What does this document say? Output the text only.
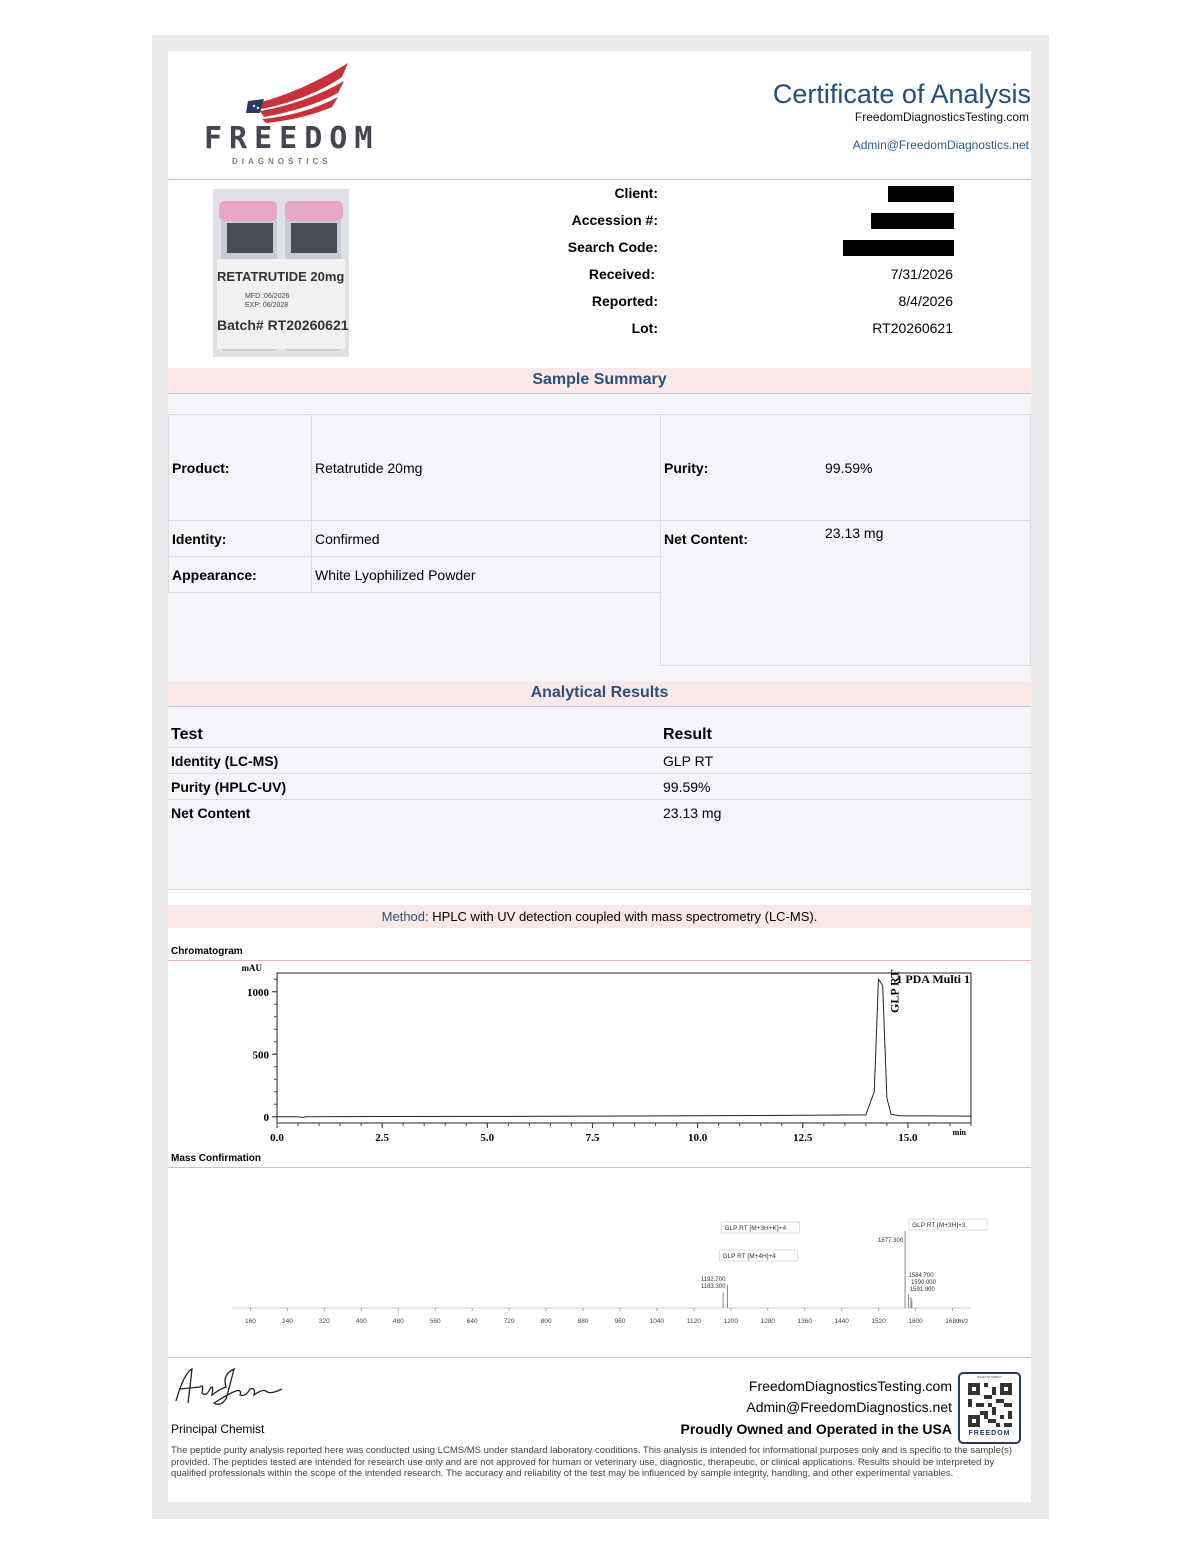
FREEDOM
DIAGNOSTICS
Certificate of Analysis
FreedomDiagnosticsTesting.com
Admin@FreedomDiagnostics.net
RETATRUTIDE 20mg
MFD: 06/2026
EXP: 06/2028
Batch# RT20260621
Client:
Accession #:
Search Code:
Received:	7/31/2026
Reported:	8/4/2026
Lot:	RT20260621
Sample Summary
Product:	Retatrutide 20mg
Identity:	Confirmed
Appearance:	White Lyophilized Powder
Purity:	99.59%
Net Content:	23.13 mg
Analytical Results
Test	Result
Identity (LC-MS)	GLP RT
Purity (HPLC-UV)	99.59%
Net Content	23.13 mg
Method: HPLC with UV detection coupled with mass spectrometry (LC-MS).
Chromatogram
0
500
1000
mAU
0.0	2.5	5.0	7.5	10.0	12.5	15.0	min
1 PDA Multi 1
GLP RT
Mass Confirmation
160	240	320	400	480	560	640	720	800	880	960	1040	1120	1200	1280	1360	1440	1520	1600	1680
m/z
GLP RT [M+3H+K]+4
GLP RT [M+4H]+4
GLP RT [M+3H]+3
1192.700
1183.300
1577.300
1584.700
1590.000
1591.900
Principal Chemist
FreedomDiagnosticsTesting.com
Admin@FreedomDiagnostics.net
Proudly Owned and Operated in the USA
SCAN TO VERIFY
FREEDOM
The peptide purity analysis reported here was conducted using LCMS/MS under standard laboratory conditions. This analysis is intended for informational purposes only and is specific to the sample(s) provided. The peptides tested are intended for research use only and are not approved for human or veterinary use, diagnostic, therapeutic, or clinical applications. Results should be interpreted by qualified professionals within the scope of the intended research. The accuracy and reliability of the test may be influenced by sample integrity, handling, and other experimental variables.
